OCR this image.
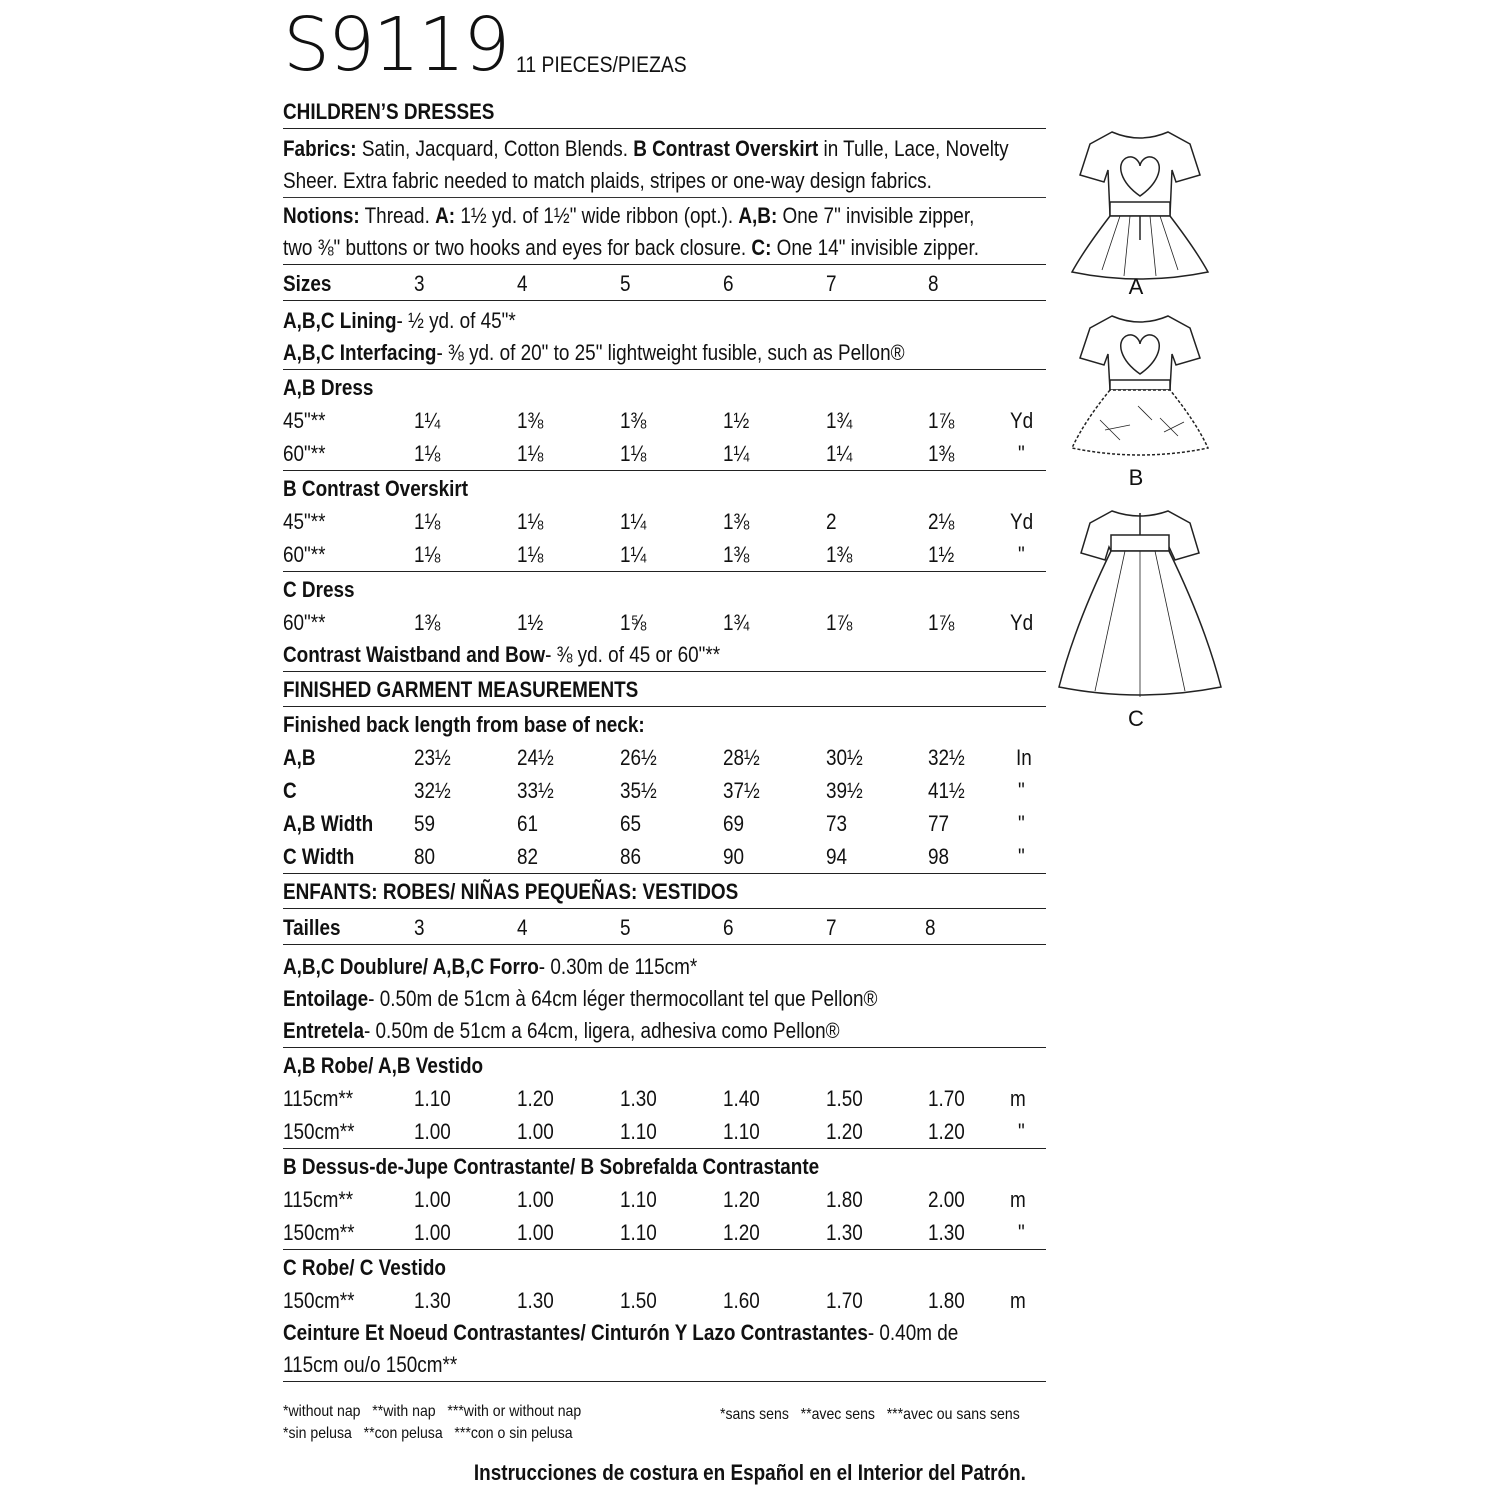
S9119 11 PIECES/PIEZAS
CHILDREN’S DRESSES
Fabrics: Satin, Jacquard, Cotton Blends. B Contrast Overskirt in Tulle, Lace, Novelty
Sheer. Extra fabric needed to match plaids, stripes or one-way design fabrics.
Notions: Thread. A: 1½ yd. of 1½" wide ribbon (opt.). A,B: One 7" invisible zipper,
two ⅜" buttons or two hooks and eyes for back closure. C: One 14" invisible zipper.
Sizes	3	4	5	6	7	8
A,B,C Lining- ½ yd. of 45"*
A,B,C Interfacing- ⅜ yd. of 20" to 25" lightweight fusible, such as Pellon®
A,B Dress
45"**	1¼	1⅜	1⅜	1½	1¾	1⅞	Yd
60"**	1⅛	1⅛	1⅛	1¼	1¼	1⅜	"
B Contrast Overskirt
45"**	1⅛	1⅛	1¼	1⅜	2	2⅛	Yd
60"**	1⅛	1⅛	1¼	1⅜	1⅜	1½	"
C Dress
60"**	1⅜	1½	1⅝	1¾	1⅞	1⅞	Yd
Contrast Waistband and Bow- ⅜ yd. of 45 or 60"**
FINISHED GARMENT MEASUREMENTS
Finished back length from base of neck:
A,B	23½	24½	26½	28½	30½	32½ In
C	32½	33½	35½	37½	39½	41½ "
A,B Width 59	61	65	69	73	77	"
C Width	80	82	86	90	94	98	"
ENFANTS: ROBES/ NIÑAS PEQUEÑAS: VESTIDOS
Tailles	3	4	5	6	7	8
A,B,C Doublure/ A,B,C Forro- 0.30m de 115cm*
Entoilage- 0.50m de 51cm à 64cm léger thermocollant tel que Pellon®
Entretela- 0.50m de 51cm a 64cm, ligera, adhesiva como Pellon®
A,B Robe/ A,B Vestido
115cm**	1.10	1.20	1.30	1.40	1.50	1.70 m
150cm**	1.00	1.00	1.10	1.10	1.20	1.20 "
B Dessus-de-Jupe Contrastante/ B Sobrefalda Contrastante
115cm**	1.00	1.00	1.10	1.20	1.80	2.00 m
150cm**	1.00	1.00	1.10	1.20	1.30	1.30 "
C Robe/ C Vestido
150cm**	1.30	1.30	1.50	1.60	1.70	1.80 m
Ceinture Et Noeud Contrastantes/ Cinturón Y Lazo Contrastantes- 0.40m de
115cm ou/o 150cm**
*without nap   **with nap   ***with or without nap
*sin pelusa   **con pelusa   ***con o sin pelusa
*sans sens   **avec sens   ***avec ou sans sens
Instrucciones de costura en Español en el Interior del Patrón.
A
B
C
